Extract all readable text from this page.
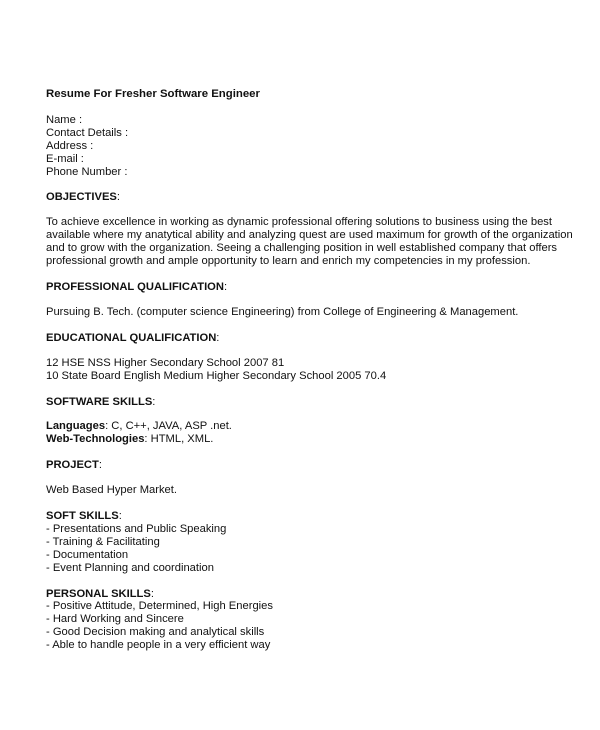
Resume For Fresher Software Engineer

Name :

Contact Details :

Address :

E-mail :

Phone Number :

OBJECTIVES:

To achieve excellence in working as dynamic professional offering solutions to business using the best

available where my anatytical ability and analyzing quest are used maximum for growth of the organization

and to grow with the organization. Seeing a challenging position in well established company that offers

professional growth and ample opportunity to learn and enrich my competencies in my profession.

PROFESSIONAL QUALIFICATION:

Pursuing B. Tech. (computer science Engineering) from College of Engineering & Management.

EDUCATIONAL QUALIFICATION:

12 HSE NSS Higher Secondary School 2007 81

10 State Board English Medium Higher Secondary School 2005 70.4

SOFTWARE SKILLS:

Languages: C, C++, JAVA, ASP .net.

Web-Technologies: HTML, XML.

PROJECT:

Web Based Hyper Market.

SOFT SKILLS:

- Presentations and Public Speaking

- Training & Facilitating

- Documentation

- Event Planning and coordination

PERSONAL SKILLS:

- Positive Attitude, Determined, High Energies

- Hard Working and Sincere

- Good Decision making and analytical skills

- Able to handle people in a very efficient way
